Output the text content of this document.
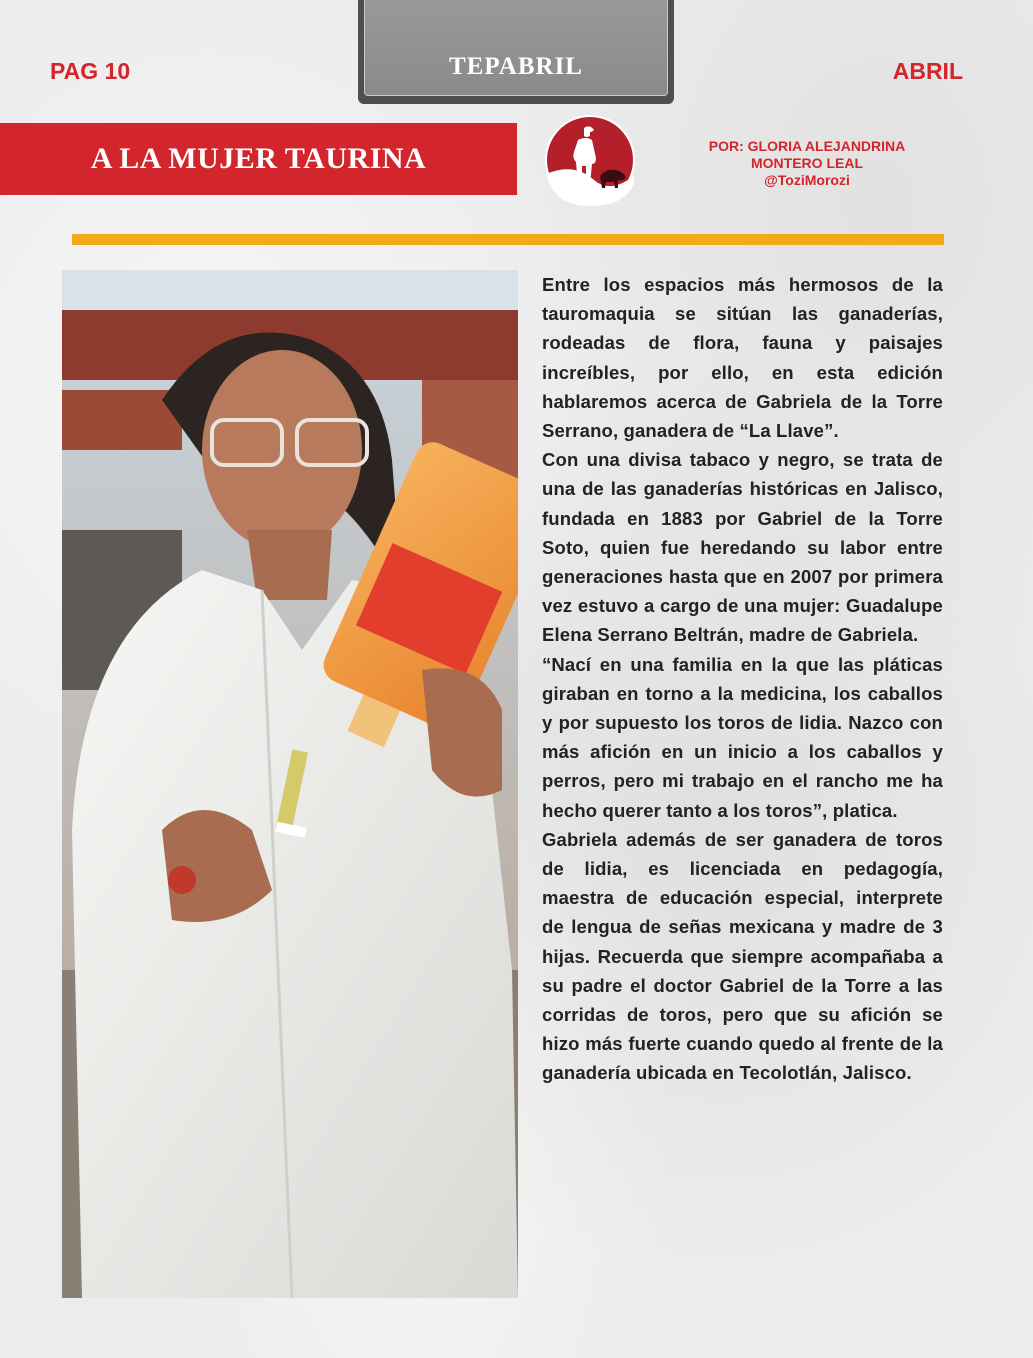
TEPABRIL
PAG 10	ABRIL
A LA MUJER TAURINA	POR: GLORIA ALEJANDRINA
MONTERO LEAL
@ToziMorozi

Entre los espacios más hermosos de la tauromaquia se sitúan las ganaderías, rodeadas de flora, fauna y paisajes increíbles, por ello, en esta edición hablaremos acerca de Gabriela de la Torre Serrano, ganadera de “La Llave”.

Con una divisa tabaco y negro, se trata de una de las ganaderías históricas en Jalisco, fundada en 1883 por Gabriel de la Torre Soto, quien fue heredando su labor entre generaciones hasta que en 2007 por primera vez estuvo a cargo de una mujer: Guadalupe Elena Serrano Beltrán, madre de Gabriela.

“Nací en una familia en la que las pláticas giraban en torno a la medicina, los caballos y por supuesto los toros de lidia. Nazco con más afición en un inicio a los caballos y perros, pero mi trabajo en el rancho me ha hecho querer tanto a los toros”, platica.

Gabriela además de ser ganadera de toros de lidia, es licenciada en pedagogía, maestra de educación especial, interprete de lengua de señas mexicana y madre de 3 hijas. Recuerda que siempre acompañaba a su padre el doctor Gabriel de la Torre a las corridas de toros, pero que su afición se hizo más fuerte cuando quedo al frente de la ganadería ubicada en Tecolotlán, Jalisco.
